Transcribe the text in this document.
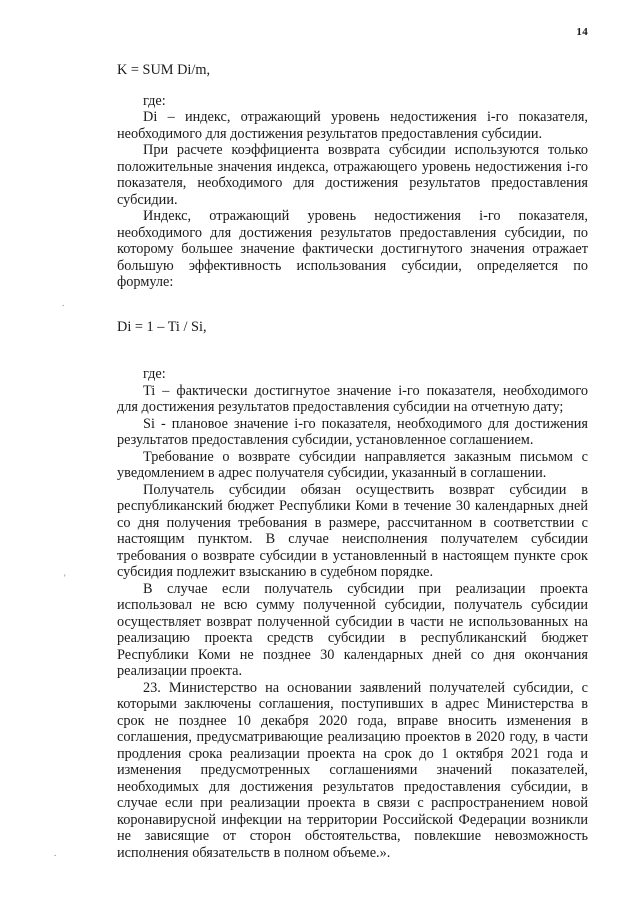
14
.
'
.

K = SUM Di/m,

где:

Di – индекс, отражающий уровень недостижения i-го показателя, необходимого для достижения результатов предоставления субсидии.

При расчете коэффициента возврата субсидии используются только положительные значения индекса, отражающего уровень недостижения i-го показателя, необходимого для достижения результатов предоставления субсидии.

Индекс, отражающий уровень недостижения i-го показателя, необходимого для достижения результатов предоставления субсидии, по которому большее значение фактически достигнутого значения отражает большую эффективность использования субсидии, определяется по формуле:

Di = 1 – Ti / Si,

где:

Ti – фактически достигнутое значение i-го показателя, необходимого для достижения результатов предоставления субсидии на отчетную дату;

Si - плановое значение i-го показателя, необходимого для достижения результатов предоставления субсидии, установленное соглашением.

Требование о возврате субсидии направляется заказным письмом с уведомлением в адрес получателя субсидии, указанный в соглашении.

Получатель субсидии обязан осуществить возврат субсидии в республиканский бюджет Республики Коми в течение 30 календарных дней со дня получения требования в размере, рассчитанном в соответствии с настоящим пунктом. В случае неисполнения получателем субсидии требования о возврате субсидии в установленный в настоящем пункте срок субсидия подлежит взысканию в судебном порядке.

В случае если получатель субсидии при реализации проекта использовал не всю сумму полученной субсидии, получатель субсидии осуществляет возврат полученной субсидии в части не использованных на реализацию проекта средств субсидии в республиканский бюджет Республики Коми не позднее 30 календарных дней со дня окончания реализации проекта.

23. Министерство на основании заявлений получателей субсидии, с которыми заключены соглашения, поступивших в адрес Министерства в срок не позднее 10 декабря 2020 года, вправе вносить изменения в соглашения, предусматривающие реализацию проектов в 2020 году, в части продления срока реализации проекта на срок до 1 октября 2021 года и изменения предусмотренных соглашениями значений показателей, необходимых для достижения результатов предоставления субсидии, в случае если при реализации проекта в связи с распространением новой коронавирусной инфекции на территории Российской Федерации возникли не зависящие от сторон обстоятельства, повлекшие невозможность исполнения обязательств в полном объеме.».
